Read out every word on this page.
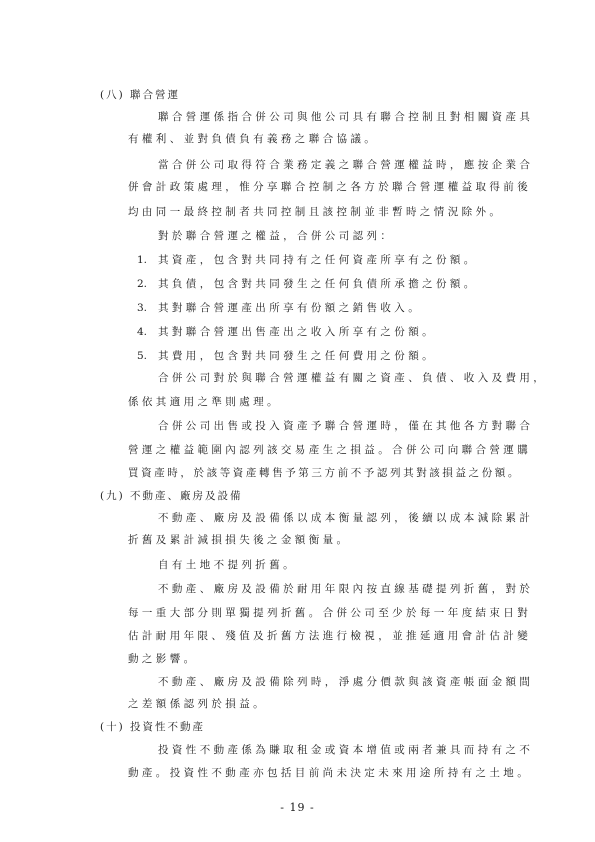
(八) 聯合營運

聯合營運係指合併公司與他公司具有聯合控制且對相關資產具

有權利、並對負債負有義務之聯合協議。

當合併公司取得符合業務定義之聯合營運權益時，應按企業合

併會計政策處理，惟分享聯合控制之各方於聯合營運權益取得前後

均由同一最終控制者共同控制且該控制並非暫時之情況除外。

對於聯合營運之權益，合併公司認列：

1. 其資產，包含對共同持有之任何資產所享有之份額。

2. 其負債，包含對共同發生之任何負債所承擔之份額。

3. 其對聯合營運產出所享有份額之銷售收入。

4. 其對聯合營運出售產出之收入所享有之份額。

5. 其費用，包含對共同發生之任何費用之份額。

合併公司對於與聯合營運權益有關之資產、負債、收入及費用，

係依其適用之準則處理。

合併公司出售或投入資產予聯合營運時，僅在其他各方對聯合

營運之權益範圍內認列該交易產生之損益。合併公司向聯合營運購

買資產時，於該等資產轉售予第三方前不予認列其對該損益之份額。

(九) 不動產、廠房及設備

不動產、廠房及設備係以成本衡量認列，後續以成本減除累計

折舊及累計減損損失後之金額衡量。

自有土地不提列折舊。

不動產、廠房及設備於耐用年限內按直線基礎提列折舊，對於

每一重大部分則單獨提列折舊。合併公司至少於每一年度結束日對

估計耐用年限、殘值及折舊方法進行檢視，並推延適用會計估計變

動之影響。

不動產、廠房及設備除列時，淨處分價款與該資產帳面金額間

之差額係認列於損益。

(十) 投資性不動產

投資性不動產係為賺取租金或資本增值或兩者兼具而持有之不

動產。投資性不動產亦包括目前尚未決定未來用途所持有之土地。

- 19 -
